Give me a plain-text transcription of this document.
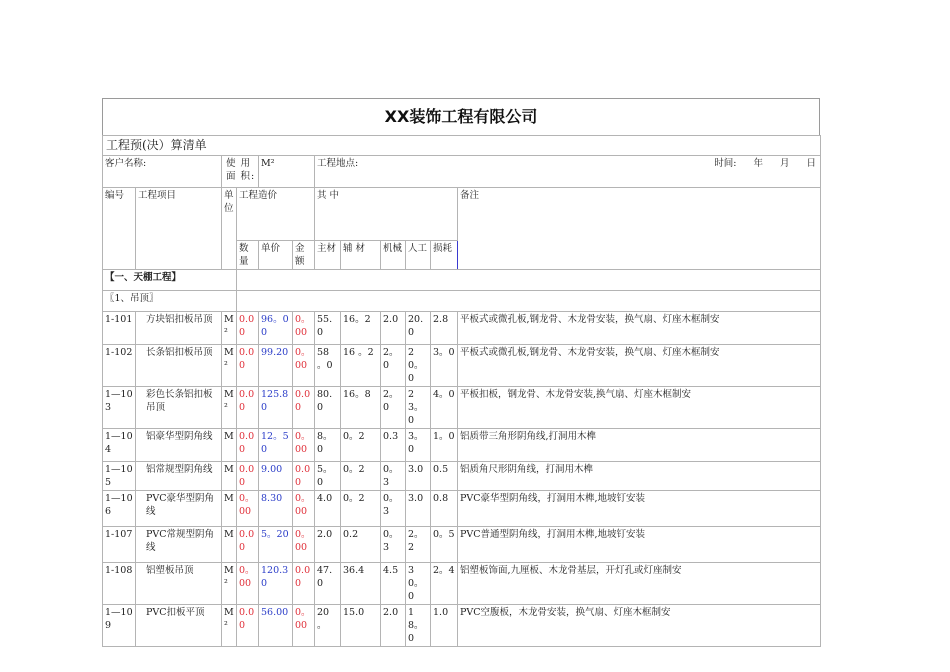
XX装饰工程有限公司
工程预(决）算清单											
客户名称:		使 用 面 积:		M²		工程地点: 时间: 年 月 日					

编号	工程项目	单位	工程造价			其 中					备注
			数量	单价	金额	主材	辅 材	机械	人工	损耗	
【一、天棚工程】											
〖1、吊顶〗											
1-101	方块铝扣板吊顶	M²	0.00	96。00	0。00	55.0	16。2	2.0	20.0	2.8	平板式或微孔板,钢龙骨、木龙骨安装，换气扇、灯座木框制安
1-102	长条铝扣板吊顶	M²	0.00	99.20	0。00	58 。0	16 。2	2。0	20。0	3。0	平板式或微孔板,钢龙骨、木龙骨安装，换气扇、灯座木框制安
1—103	彩色长条铝扣板吊顶	M²	0.00	125.80	0.00	80.0	16。8	2。0	23。0	4。0	平板扣板，钢龙骨、木龙骨安装,换气扇、灯座木框制安
1—104	铝豪华型阴角线	M	0.00	12。50	0。00	8。0	0。2	0.3	3。0	1。0	铝质带三角形阴角线,打洞用木榫
1—105	铝常规型阴角线	M	0.00	9.00	0.00	5。0	0。2	0。3	3.0	0.5	铝质角尺形阴角线，打洞用木榫
1—106	PVC豪华型阴角线	M	0。00	8.30	0。00	4.0	0。2	0。3	3.0	0.8	PVC豪华型阴角线，打洞用木榫,地坡钉安装
1-107	PVC常规型阴角线	M	0.00	5。20	0。00	2.0	0.2	0。3	2。2	0。5	PVC普通型阴角线，打洞用木榫,地坡钉安装
1-108	铝塑板吊顶	M²	0。00	120.30	0.00	47.0	36.4	4.5	30。0	2。4	铝塑板饰面,九厘板、木龙骨基层，开灯孔或灯座制安
1—109	PVC扣板平顶	M²	0.00	56.00	0。00	20 。	15.0	2.0	18。0	1.0	PVC空腹板，木龙骨安装，换气扇、灯座木框制安
